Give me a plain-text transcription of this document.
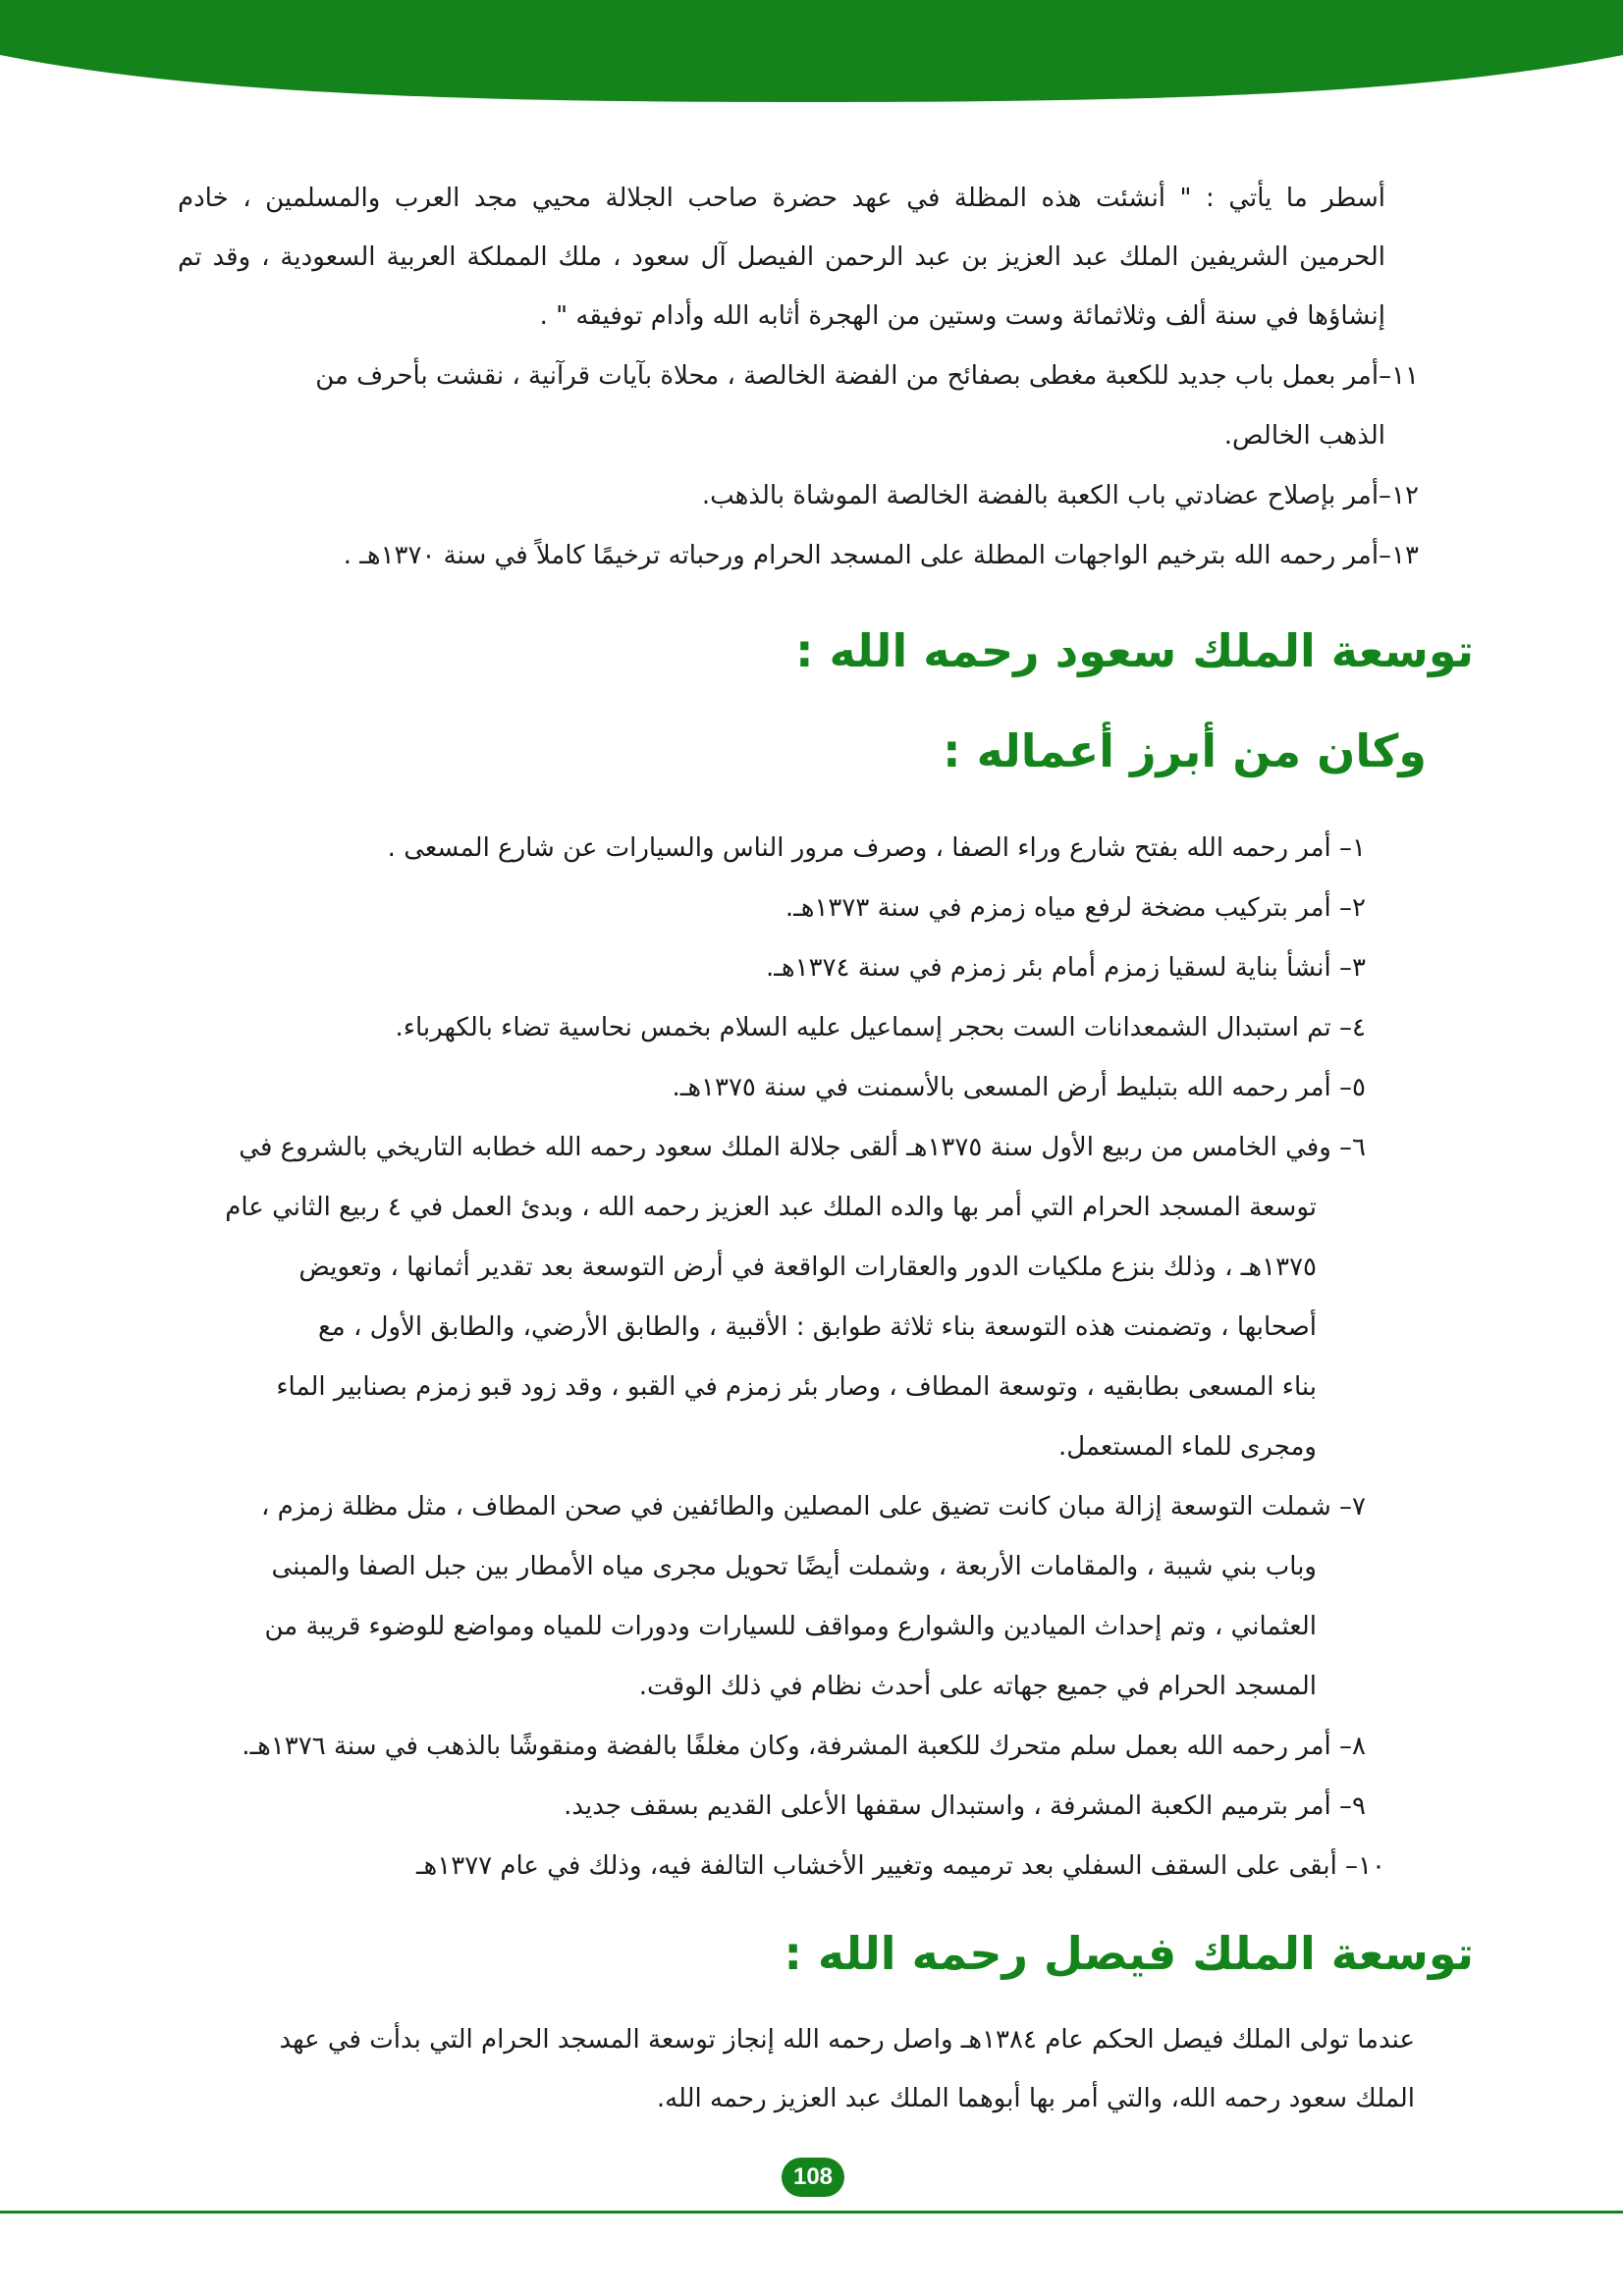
أسطر ما يأتي : " أنشئت هذه المظلة في عهد حضرة صاحب الجلالة محيي مجد العرب والمسلمين ، خادم

الحرمين الشريفين الملك عبد العزيز بن عبد الرحمن الفيصل آل سعود ، ملك المملكة العربية السعودية ، وقد تم

إنشاؤها في سنة ألف وثلاثمائة وست وستين من الهجرة أثابه الله وأدام توفيقه " .

١١–أمر بعمل باب جديد للكعبة مغطى بصفائح من الفضة الخالصة ، محلاة بآيات قرآنية ، نقشت بأحرف من

الذهب الخالص.

١٢–أمر بإصلاح عضادتي باب الكعبة بالفضة الخالصة الموشاة بالذهب.

١٣–أمر رحمه الله بترخيم الواجهات المطلة على المسجد الحرام ورحباته ترخيمًا كاملاً في سنة ١٣٧٠هـ .

توسعة الملك سعود رحمه الله :
وكان من أبرز أعماله :

١– أمر رحمه الله بفتح شارع وراء الصفا ، وصرف مرور الناس والسيارات عن شارع المسعى .

٢– أمر بتركيب مضخة لرفع مياه زمزم في سنة ١٣٧٣هـ.

٣– أنشأ بناية لسقيا زمزم أمام بئر زمزم في سنة ١٣٧٤هـ.

٤– تم استبدال الشمعدانات الست بحجر إسماعيل عليه السلام بخمس نحاسية تضاء بالكهرباء.

٥– أمر رحمه الله بتبليط أرض المسعى بالأسمنت في سنة ١٣٧٥هـ.

٦– وفي الخامس من ربيع الأول سنة ١٣٧٥هـ ألقى جلالة الملك سعود رحمه الله خطابه التاريخي بالشروع في

توسعة المسجد الحرام التي أمر بها والده الملك عبد العزيز رحمه الله ، وبدئ العمل في ٤ ربيع الثاني عام

١٣٧٥هـ ، وذلك بنزع ملكيات الدور والعقارات الواقعة في أرض التوسعة بعد تقدير أثمانها ، وتعويض

أصحابها ، وتضمنت هذه التوسعة بناء ثلاثة طوابق : الأقبية ، والطابق الأرضي، والطابق الأول ، مع

بناء المسعى بطابقيه ، وتوسعة المطاف ، وصار بئر زمزم في القبو ، وقد زود قبو زمزم بصنابير الماء

ومجرى للماء المستعمل.

٧– شملت التوسعة إزالة مبان كانت تضيق على المصلين والطائفين في صحن المطاف ، مثل مظلة زمزم ،

وباب بني شيبة ، والمقامات الأربعة ، وشملت أيضًا تحويل مجرى مياه الأمطار بين جبل الصفا والمبنى

العثماني ، وتم إحداث الميادين والشوارع ومواقف للسيارات ودورات للمياه ومواضع للوضوء قريبة من

المسجد الحرام في جميع جهاته على أحدث نظام في ذلك الوقت.

٨– أمر رحمه الله بعمل سلم متحرك للكعبة المشرفة، وكان مغلفًا بالفضة ومنقوشًا بالذهب في سنة ١٣٧٦هـ.

٩– أمر بترميم الكعبة المشرفة ، واستبدال سقفها الأعلى القديم بسقف جديد.

١٠– أبقى على السقف السفلي بعد ترميمه وتغيير الأخشاب التالفة فيه، وذلك في عام ١٣٧٧هـ

توسعة الملك فيصل رحمه الله :

عندما تولى الملك فيصل الحكم عام ١٣٨٤هـ واصل رحمه الله إنجاز توسعة المسجد الحرام التي بدأت في عهد

الملك سعود رحمه الله، والتي أمر بها أبوهما الملك عبد العزيز رحمه الله.

108
